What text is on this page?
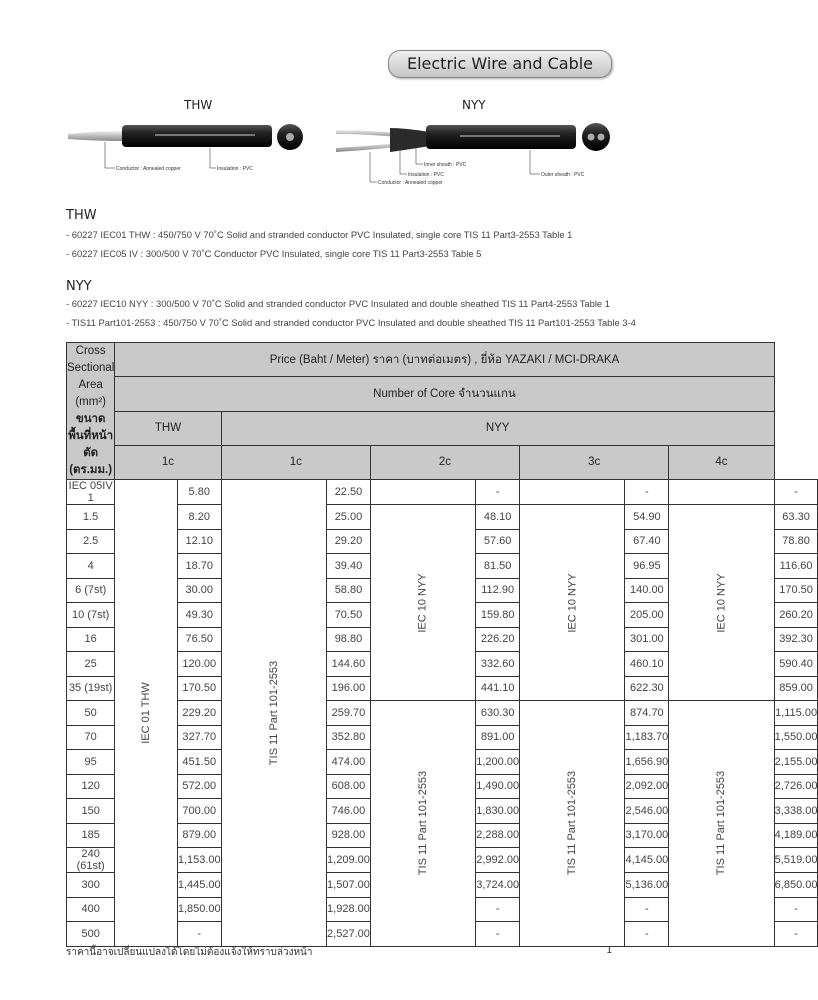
Electric Wire and Cable
THW	NYY
Conductor : Annealed copper	Insulation : PVC
Inner sheath : PVC
Insulation : PVC
Conductor : Annealed copper
Outer sheath : PVC
THW
- 60227 IEC01 THW : 450/750 V 70˚C Solid and stranded conductor PVC Insulated, single core TIS 11 Part3-2553 Table 1
- 60227 IEC05 IV : 300/500 V 70˚C Conductor PVC Insulated, single core TIS 11 Part3-2553 Table 5
NYY
- 60227 IEC10 NYY : 300/500 V 70˚C Solid and stranded conductor PVC Insulated and double sheathed TIS 11 Part4-2553 Table 1
- TIS11 Part101-2553 : 450/750 V 70˚C Solid and stranded conductor PVC Insulated and double sheathed TIS 11 Part101-2553 Table 3-4
Cross Sectional
Area (mm²)
ขนาดพื้นที่หน้าตัด
(ตร.มม.)	Price (Baht / Meter) ราคา (บาทต่อเมตร) , ยี่ห้อ YAZAKI / MCI-DRAKA									
	Number of Core จำนวนแกน									
	THW		NYY							
	1c		1c		2c		3c		4c	
IEC 05IV 1	IEC 01 THW	5.80	TIS 11 Part 101-2553	22.50		-		-		-
1.5		8.20		25.00	IEC 10 NYY	48.10	IEC 10 NYY	54.90	IEC 10 NYY	63.30
2.5		12.10		29.20		57.60		67.40		78.80
4		18.70		39.40		81.50		96.95		116.60
6 (7st)		30.00		58.80		112.90		140.00		170.50
10 (7st)		49.30		70.50		159.80		205.00		260.20
16		76.50		98.80		226.20		301.00		392.30
25		120.00		144.60		332.60		460.10		590.40
35 (19st)		170.50		196.00		441.10		622.30		859.00
50		229.20		259.70	TIS 11 Part 101-2553	630.30	TIS 11 Part 101-2553	874.70	TIS 11 Part 101-2553	1,115.00
70		327.70		352.80		891.00		1,183.70		1,550.00
95		451.50		474.00		1,200.00		1,656.90		2,155.00
120		572.00		608.00		1,490.00		2,092.00		2,726.00
150		700.00		746.00		1,830.00		2,546.00		3,338.00
185		879.00		928.00		2,288.00		3,170.00		4,189.00
240 (61st)		1,153.00		1,209.00		2,992.00		4,145.00		5,519.00
300		1,445.00		1,507.00		3,724.00		5,136.00		6,850.00
400		1,850.00		1,928.00		-		-		-
500		-		2,527.00		-		-		-
ราคานี้อาจเปลี่ยนแปลงได้โดยไม่ต้องแจ้งให้ทราบล่วงหน้า	1
